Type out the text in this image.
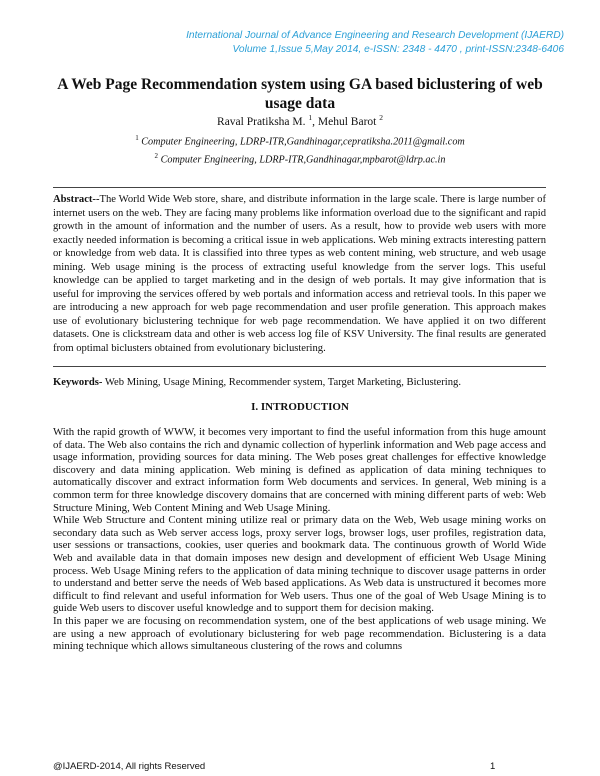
International Journal of Advance Engineering and Research Development (IJAERD)
Volume 1,Issue 5,May 2014, e-ISSN: 2348 - 4470 , print-ISSN:2348-6406
A Web Page Recommendation system using GA based biclustering of web usage data
Raval Pratiksha M. $^1$, Mehul Barot $^2$
$^1$ Computer Engineering, LDRP-ITR,Gandhinagar,cepratiksha.2011@gmail.com
$^2$ Computer Engineering, LDRP-ITR,Gandhinagar,mpbarot@ldrp.ac.in
Abstract--The World Wide Web store, share, and distribute information in the large scale. There is large number of internet users on the web. They are facing many problems like information overload due to the significant and rapid growth in the amount of information and the number of users. As a result, how to provide web users with more exactly needed information is becoming a critical issue in web applications. Web mining extracts interesting pattern or knowledge from web data. It is classified into three types as web content mining, web structure, and web usage mining. Web usage mining is the process of extracting useful knowledge from the server logs. This useful knowledge can be applied to target marketing and in the design of web portals. It may give information that is useful for improving the services offered by web portals and information access and retrieval tools. In this paper we are introducing a new approach for web page recommendation and user profile generation. This approach makes use of evolutionary biclustering technique for web page recommendation. We have applied it on two different datasets. One is clickstream data and other is web access log file of KSV University. The final results are generated from optimal biclusters obtained from evolutionary biclustering.
Keywords- Web Mining, Usage Mining, Recommender system, Target Marketing, Biclustering.
I. INTRODUCTION

With the rapid growth of WWW, it becomes very important to find the useful information from this huge amount of data. The Web also contains the rich and dynamic collection of hyperlink information and Web page access and usage information, providing sources for data mining. The Web poses great challenges for effective knowledge discovery and data mining application. Web mining is defined as application of data mining techniques to automatically discover and extract information form Web documents and services. In general, Web mining is a common term for three knowledge discovery domains that are concerned with mining different parts of web: Web Structure Mining, Web Content Mining and Web Usage Mining.

While Web Structure and Content mining utilize real or primary data on the Web, Web usage mining works on secondary data such as Web server access logs, proxy server logs, browser logs, user profiles, registration data, user sessions or transactions, cookies, user queries and bookmark data. The continuous growth of World Wide Web and available data in that domain imposes new design and development of efficient Web Usage Mining process. Web Usage Mining refers to the application of data mining technique to discover usage patterns in order to understand and better serve the needs of Web based applications. As Web data is unstructured it becomes more difficult to find relevant and useful information for Web users. Thus one of the goal of Web Usage Mining is to guide Web users to discover useful knowledge and to support them for decision making.

In this paper we are focusing on recommendation system, one of the best applications of web usage mining. We are using a new approach of evolutionary biclustering for web page recommendation. Biclustering is a data mining technique which allows simultaneous clustering of the rows and columns

@IJAERD-2014, All rights Reserved	1
